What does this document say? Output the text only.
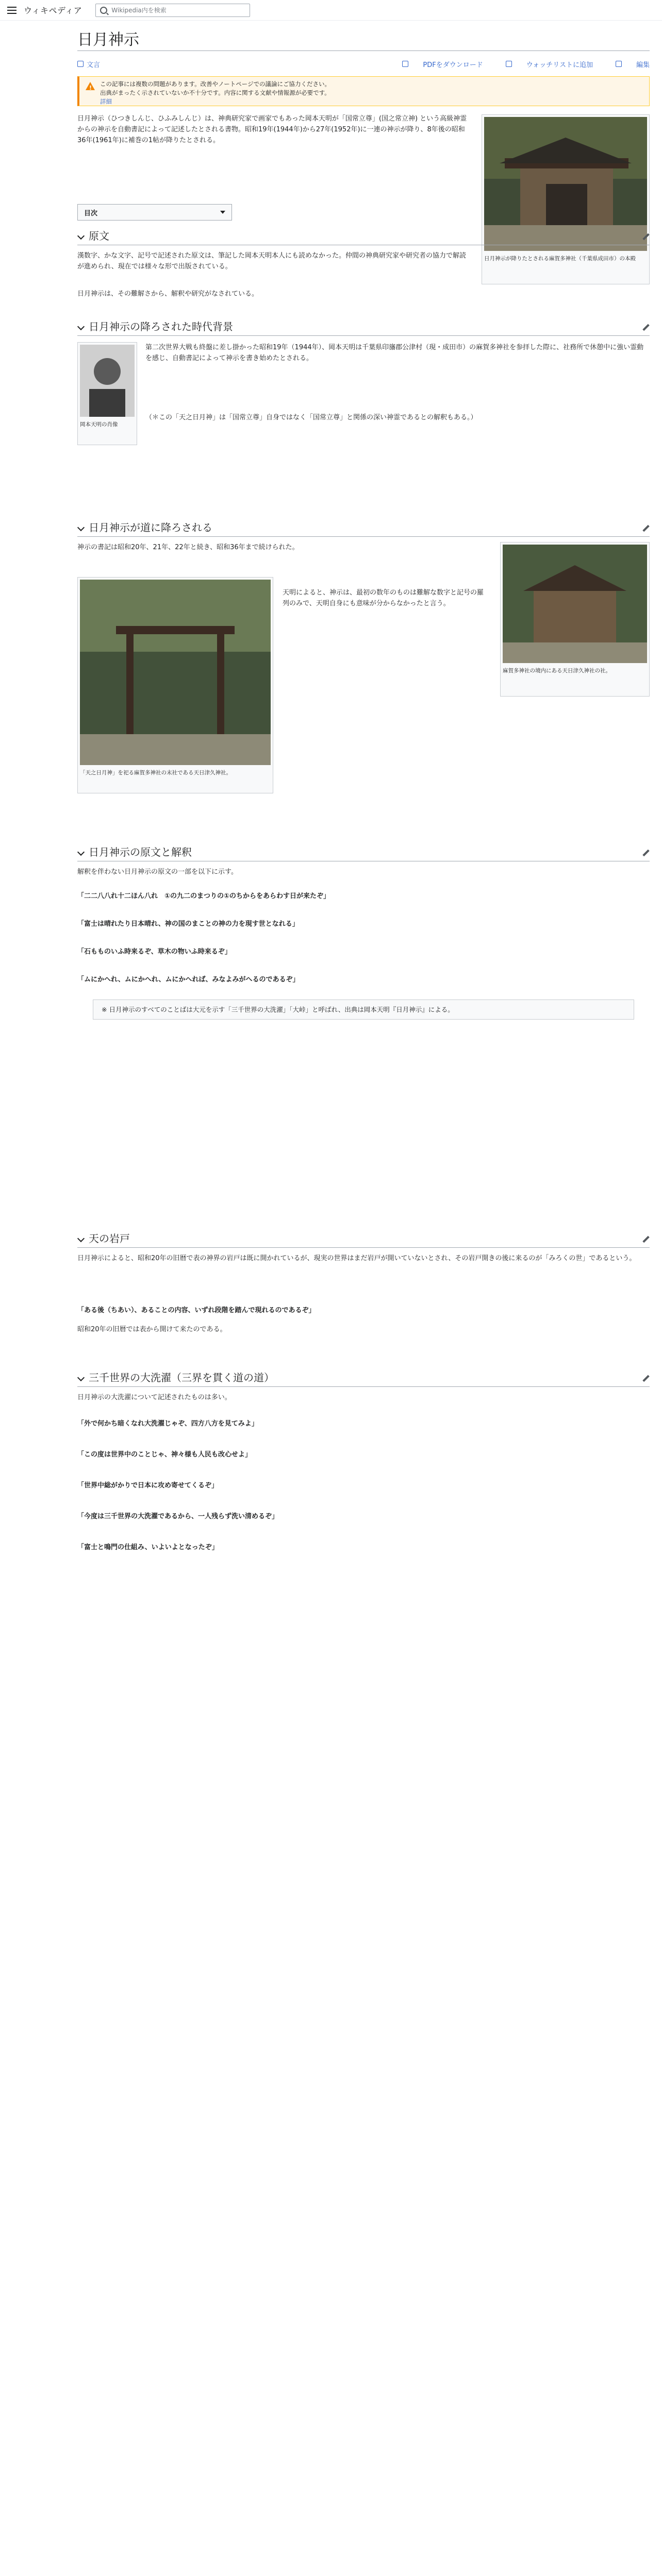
ウィキペディア	Wikipedia内を検索
日月神示
文言	PDFをダウンロード	ウォッチリストに追加	編集
!
この記事には複数の問題があります。改善やノートページでの議論にご協力ください。
出典がまったく示されていないか不十分です。内容に関する文献や情報源が必要です。
詳細

日月神示（ひつきしんじ、ひふみしんじ）は、神典研究家で画家でもあった岡本天明が「国常立尊」(国之常立神) という高級神霊からの神示を自動書記によって記述したとされる書物。昭和19年(1944年)から27年(1952年)に一連の神示が降り、8年後の昭和36年(1961年)に補巻の1帖が降りたとされる。

日月神示が降りたとされる麻賀多神社（千葉県成田市）の本殿
目次
原文

漢数字、かな文字、記号で記述された原文は、筆記した岡本天明本人にも読めなかった。仲間の神典研究家や研究者の協力で解読が進められ、現在では様々な形で出版されている。

日月神示は、その難解さから、解釈や研究がなされている。

日月神示の降ろされた時代背景
岡本天明の肖像

第二次世界大戦も終盤に差し掛かった昭和19年（1944年）、岡本天明は千葉県印旛郡公津村（現・成田市）の麻賀多神社を参拝した際に、社務所で休憩中に強い霊動を感じ、自動書記によって神示を書き始めたとされる。

（＊この「天之日月神」は「国常立尊」自身ではなく「国常立尊」と関係の深い神霊であるとの解釈もある。）

日月神示が道に降ろされる

神示の書記は昭和20年、21年、22年と続き、昭和36年まで続けられた。

「天之日月神」を祀る麻賀多神社の末社である天日津久神社。

天明によると、神示は、最初の数年のものは難解な数字と記号の羅列のみで、天明自身にも意味が分からなかったと言う。

麻賀多神社の境内にある天日津久神社の社。
日月神示の原文と解釈

解釈を伴わない日月神示の原文の一部を以下に示す。

「二二八八れ十二ほん八れ　①の九二のまつりの①のちからをあらわす日が来たぞ」

「富士は晴れたり日本晴れ、神の国のまことの神の力を現す世となれる」

「石もものいふ時来るぞ、草木の物いふ時来るぞ」

「ムにかへれ、ムにかへれ、ムにかへれば、みなよみがへるのであるぞ」

※ 日月神示のすべてのことばは大元を示す「三千世界の大洗濯」「大峠」と呼ばれ、出典は岡本天明『日月神示』による。
天の岩戸

日月神示によると、昭和20年の旧暦で表の神界の岩戸は既に開かれているが、現実の世界はまだ岩戸が開いていないとされ、その岩戸開きの後に来るのが「みろくの世」であるという。

「ある後（ちあい）、あることの内容、いずれ段階を踏んで現れるのであるぞ」

昭和20年の旧暦では表から開けて来たのである。

三千世界の大洗濯（三界を貫く道の道）

日月神示の大洗濯について記述されたものは多い。

「外で何かち暗くなれ大洗濯じゃぞ、四方八方を見てみよ」

「この度は世界中のことじゃ、神々様も人民も改心せよ」

「世界中総がかりで日本に攻め寄せてくるぞ」

「今度は三千世界の大洗濯であるから、一人残らず洗い清めるぞ」

「富士と鳴門の仕組み、いよいよとなったぞ」
